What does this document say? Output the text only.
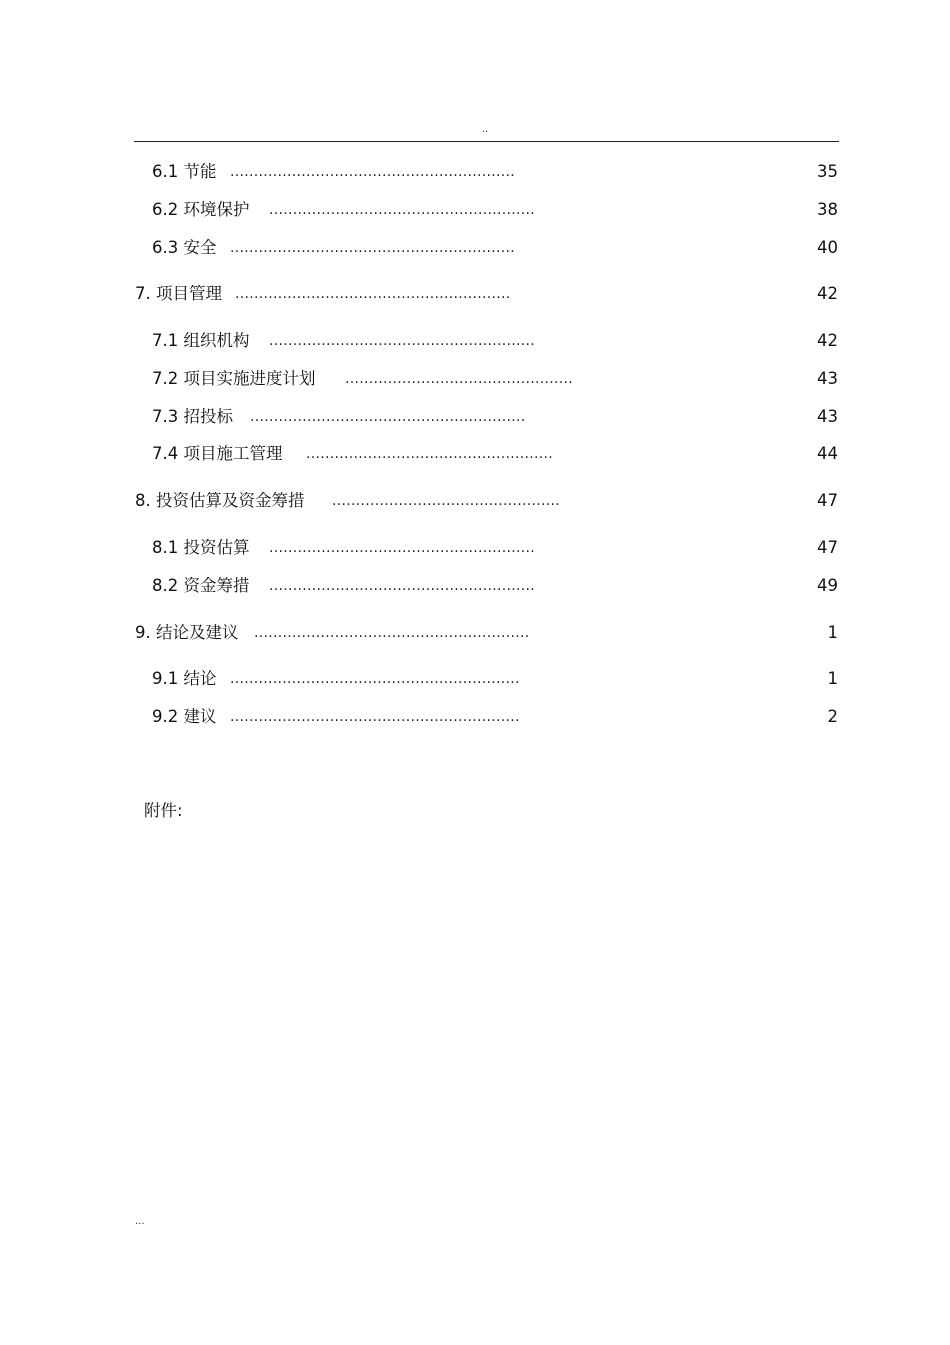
..
6.1 节能 ............................................................	35
6.2 环境保护 ........................................................	38
6.3 安全 ............................................................	40
7. 项目管理 ..........................................................	42
7.1 组织机构 ........................................................	42
7.2 项目实施进度计划 ................................................	43
7.3 招投标 ..........................................................	43
7.4 项目施工管理 ....................................................	44
8. 投资估算及资金筹措 ................................................	47
8.1 投资估算 ........................................................	47
8.2 资金筹措 ........................................................	49
9. 结论及建议 ..........................................................	1
9.1 结论 .............................................................	1
9.2 建议 .............................................................	2
附件:
...
